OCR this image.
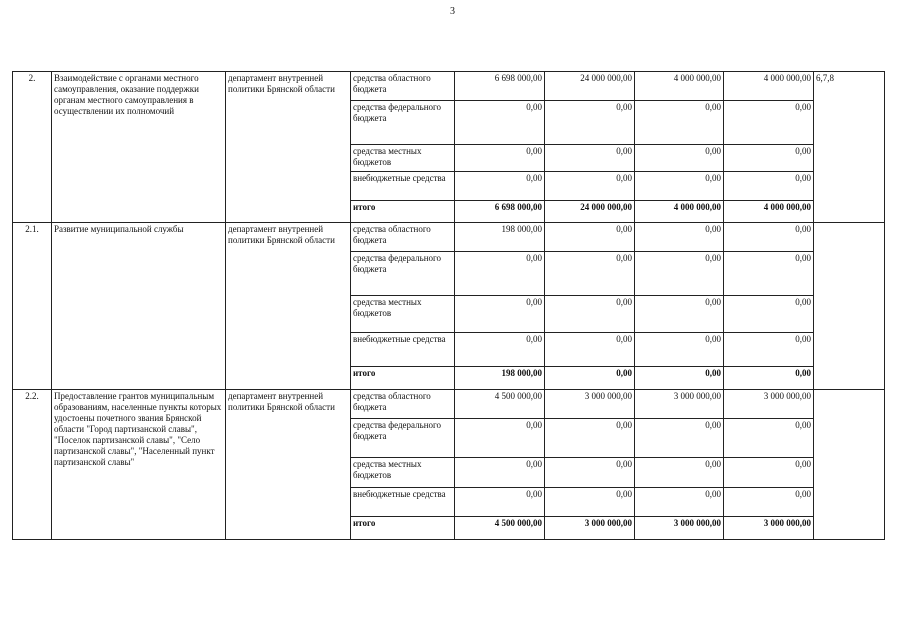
3
2.	Взаимодействие с органами местного самоуправления, оказание поддержки органам местного самоуправления в осуществлении их полномочий	департамент внутренней политики Брянской области	средства областного бюджета	6 698 000,00	24 000 000,00	4 000 000,00	4 000 000,00	6,7,8
			средства федерального бюджета	0,00	0,00	0,00	0,00	
			средства местных бюджетов	0,00	0,00	0,00	0,00	
			внебюджетные средства	0,00	0,00	0,00	0,00	
			итого	6 698 000,00	24 000 000,00	4 000 000,00	4 000 000,00	
2.1.	Развитие муниципальной службы	департамент внутренней политики Брянской области	средства областного бюджета	198 000,00	0,00	0,00	0,00	
			средства федерального бюджета	0,00	0,00	0,00	0,00	
			средства местных бюджетов	0,00	0,00	0,00	0,00	
			внебюджетные средства	0,00	0,00	0,00	0,00	
			итого	198 000,00	0,00	0,00	0,00	
2.2.	Предоставление грантов муниципальным образованиям, населенные пункты которых удостоены почетного звания Брянской области "Город партизанской славы", "Поселок партизанской славы", "Село партизанской славы", "Населенный пункт партизанской славы"	департамент внутренней политики Брянской области	средства областного бюджета	4 500 000,00	3 000 000,00	3 000 000,00	3 000 000,00	
			средства федерального бюджета	0,00	0,00	0,00	0,00	
			средства местных бюджетов	0,00	0,00	0,00	0,00	
			внебюджетные средства	0,00	0,00	0,00	0,00	
			итого	4 500 000,00	3 000 000,00	3 000 000,00	3 000 000,00	
